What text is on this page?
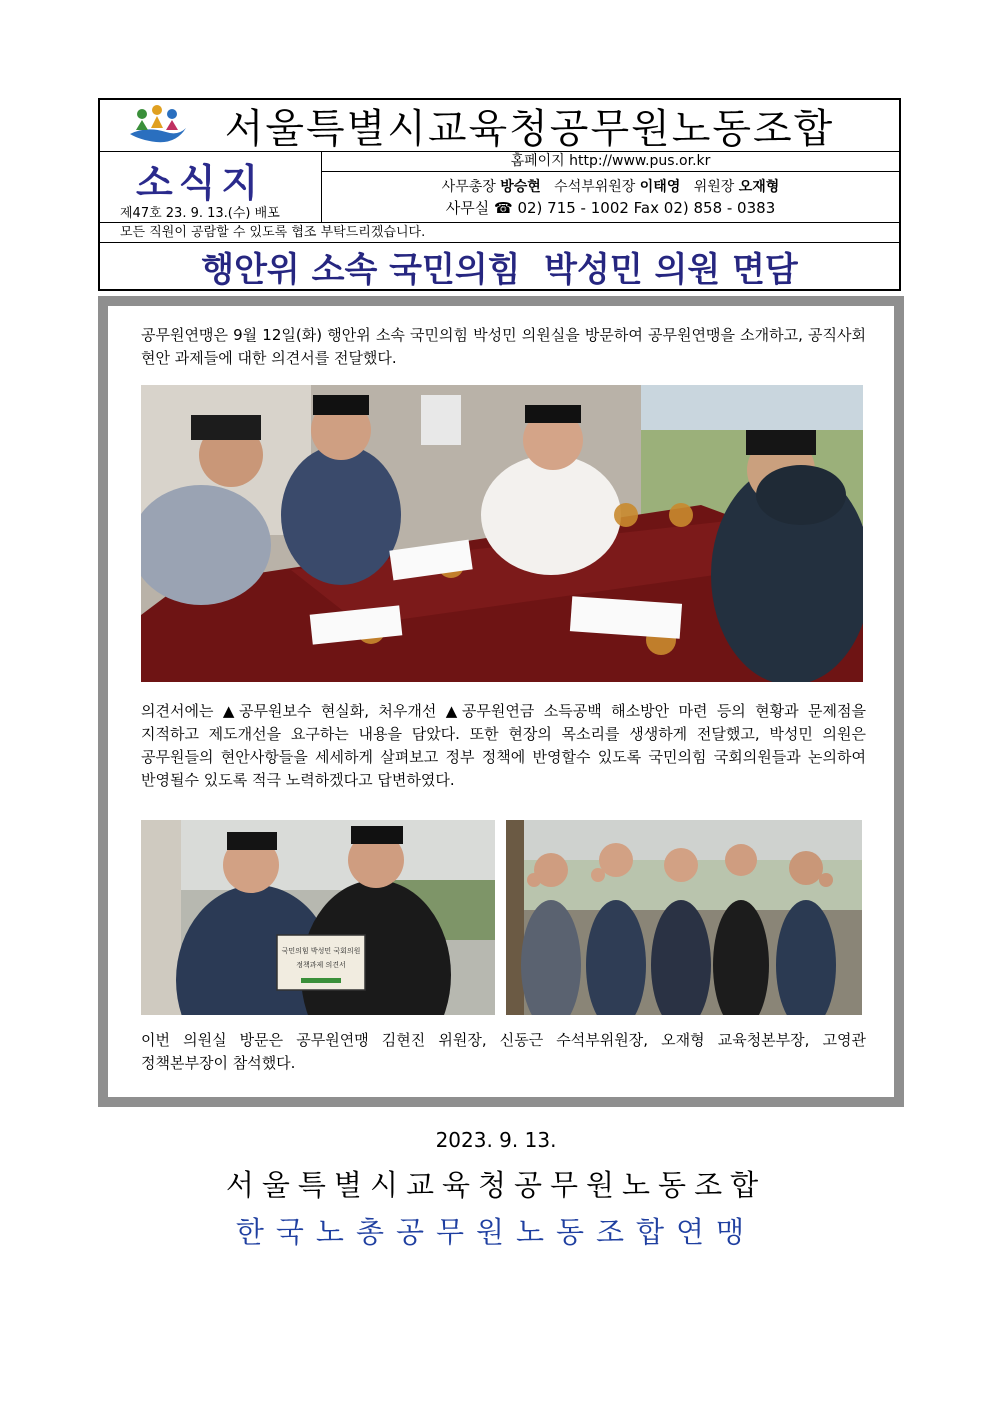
서울특별시교육청공무원노동조합
소식지
제47호 23. 9. 13.(수) 배포
홈페이지 http://www.pus.or.kr
사무총장 방승현 수석부위원장 이태영 위원장 오재형
사무실 ☎ 02) 715 - 1002 Fax 02) 858 - 0383
모든 직원이 공람할 수 있도록 협조 부탁드리겠습니다.
행안위 소속 국민의힘  박성민 의원 면담
공무원연맹은 9월 12일(화) 행안위 소속 국민의힘 박성민 의원실을 방문하여 공무원연맹을 소개하고, 공직사회 현안 과제들에 대한 의견서를 전달했다.
의견서에는 ▲공무원보수 현실화, 처우개선 ▲공무원연금 소득공백 해소방안 마련 등의 현황과 문제점을 지적하고 제도개선을 요구하는 내용을 담았다. 또한 현장의 목소리를 생생하게 전달했고, 박성민 의원은 공무원들의 현안사항들을 세세하게 살펴보고 정부 정책에 반영할수 있도록 국민의힘 국회의원들과 논의하여 반영될수 있도록 적극 노력하겠다고 답변하였다.
국민의힘 박성민 국회의원
정책과제 의견서
이번 의원실 방문은 공무원연맹 김현진 위원장, 신동근 수석부위원장, 오재형 교육청본부장, 고영관 정책본부장이 참석했다.
2023. 9. 13.
서울특별시교육청공무원노동조합
한국노총공무원노동조합연맹
